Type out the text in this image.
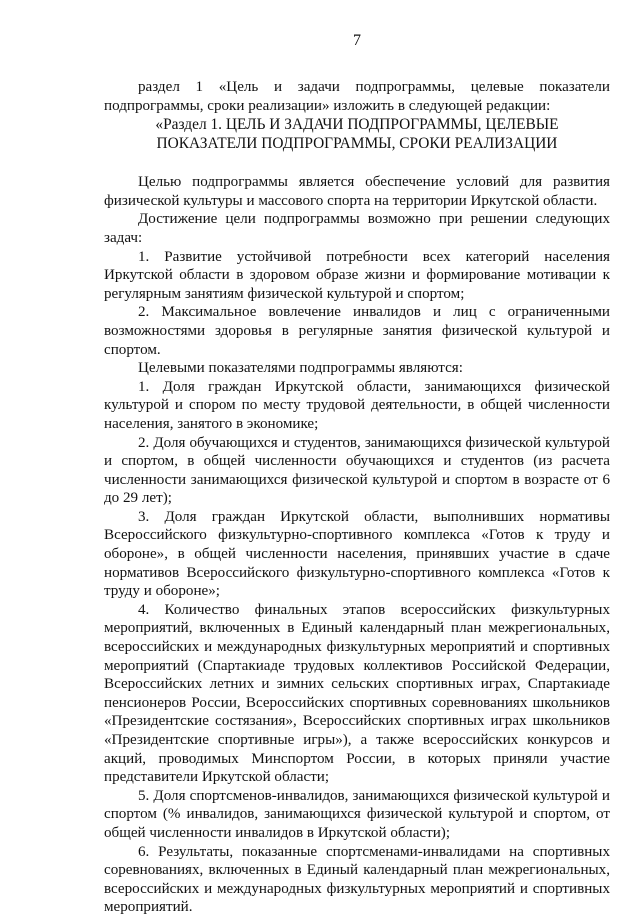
7

раздел 1 «Цель и задачи подпрограммы, целевые показатели подпрограммы, сроки реализации» изложить в следующей редакции:

«Раздел 1. ЦЕЛЬ И ЗАДАЧИ ПОДПРОГРАММЫ, ЦЕЛЕВЫЕ

ПОКАЗАТЕЛИ ПОДПРОГРАММЫ, СРОКИ РЕАЛИЗАЦИИ

Целью подпрограммы является обеспечение условий для развития физической культуры и массового спорта на территории Иркутской области.

Достижение цели подпрограммы возможно при решении следующих задач:

1. Развитие устойчивой потребности всех категорий населения Иркутской области в здоровом образе жизни и формирование мотивации к регулярным занятиям физической культурой и спортом;

2. Максимальное вовлечение инвалидов и лиц с ограниченными возможностями здоровья в регулярные занятия физической культурой и спортом.

Целевыми показателями подпрограммы являются:

1. Доля граждан Иркутской области, занимающихся физической культурой и спором по месту трудовой деятельности, в общей численности населения, занятого в экономике;

2. Доля обучающихся и студентов, занимающихся физической культурой и спортом, в общей численности обучающихся и студентов (из расчета численности занимающихся физической культурой и спортом в возрасте от 6 до 29 лет);

3. Доля граждан Иркутской области, выполнивших нормативы Всероссийского физкультурно-спортивного комплекса «Готов к труду и обороне», в общей численности населения, принявших участие в сдаче нормативов Всероссийского физкультурно-спортивного комплекса «Готов к труду и обороне»;

4. Количество финальных этапов всероссийских физкультурных мероприятий, включенных в Единый календарный план межрегиональных, всероссийских и международных физкультурных мероприятий и спортивных мероприятий (Спартакиаде трудовых коллективов Российской Федерации, Всероссийских летних и зимних сельских спортивных играх, Спартакиаде пенсионеров России, Всероссийских спортивных соревнованиях школьников «Президентские состязания», Всероссийских спортивных играх школьников «Президентские спортивные игры»), а также всероссийских конкурсов и акций, проводимых Минспортом России, в которых приняли участие представители Иркутской области;

5. Доля спортсменов-инвалидов, занимающихся физической культурой и спортом (% инвалидов, занимающихся физической культурой и спортом, от общей численности инвалидов в Иркутской области);

6. Результаты, показанные спортсменами-инвалидами на спортивных соревнованиях, включенных в Единый календарный план межрегиональных, всероссийских и международных физкультурных мероприятий и спортивных мероприятий.
